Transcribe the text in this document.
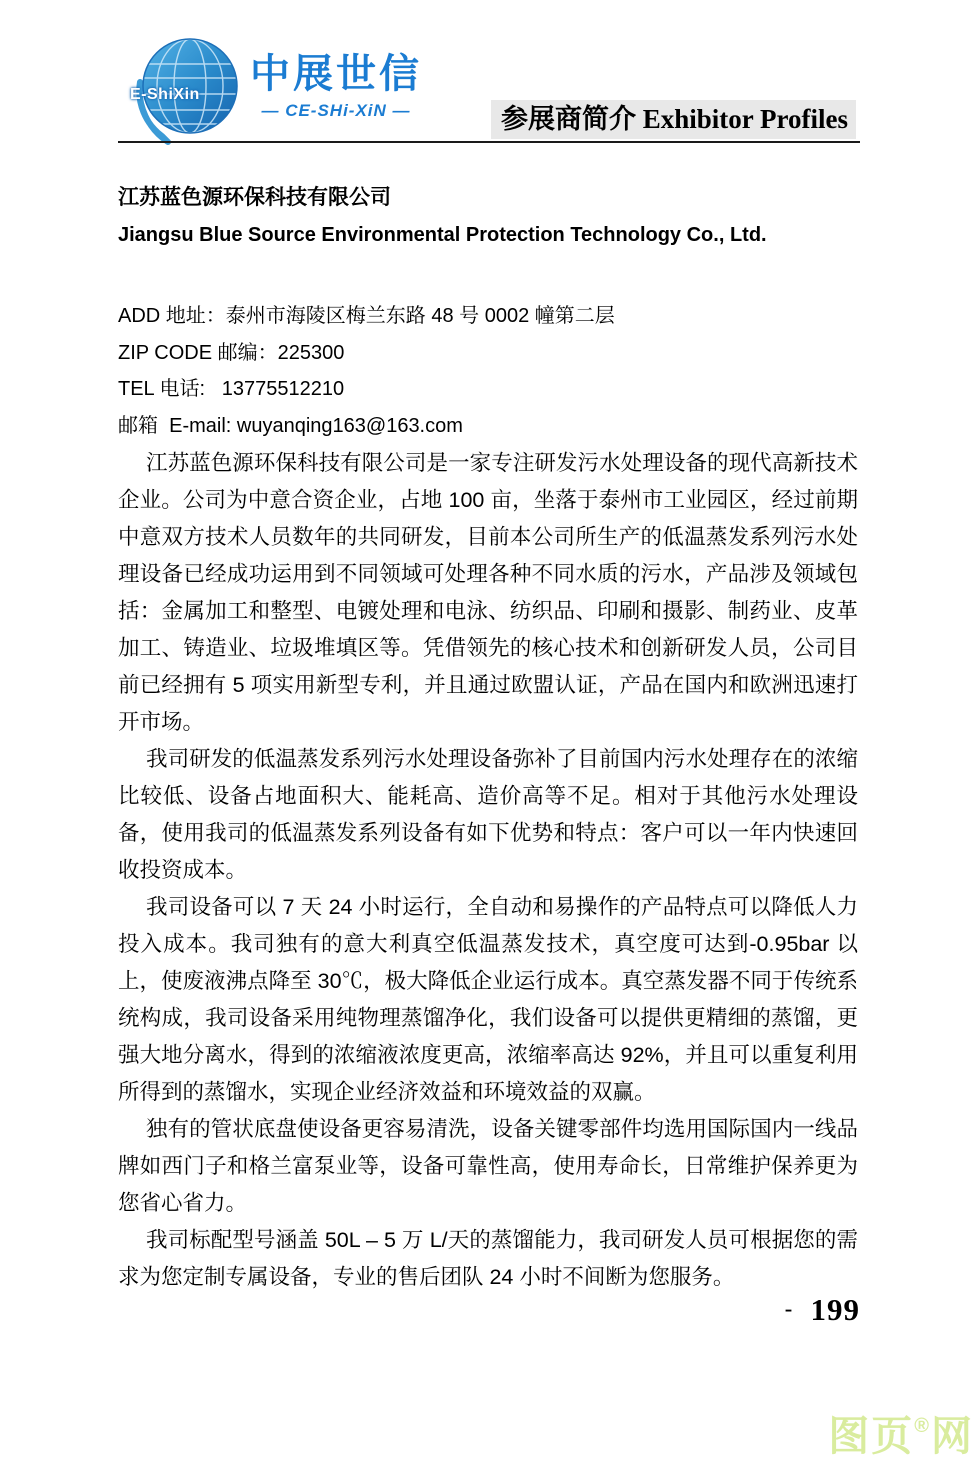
E-ShiXin 中展世信
— CE-SHi-XiN —	参展商简介 Exhibitor Profiles
江苏蓝色源环保科技有限公司
Jiangsu Blue Source Environmental Protection Technology Co., Ltd.
ADD 地址：泰州市海陵区梅兰东路 48 号 0002 幢第二层
ZIP CODE 邮编：225300
TEL 电话:   13775512210
邮箱  E-mail: wuyanqing163@163.com

江苏蓝色源环保科技有限公司是一家专注研发污水处理设备的现代高新技术企业。公司为中意合资企业，占地 100 亩，坐落于泰州市工业园区，经过前期中意双方技术人员数年的共同研发，目前本公司所生产的低温蒸发系列污水处理设备已经成功运用到不同领域可处理各种不同水质的污水，产品涉及领域包括：金属加工和整型、电镀处理和电泳、纺织品、印刷和摄影、制药业、皮革加工、铸造业、垃圾堆填区等。凭借领先的核心技术和创新研发人员，公司目前已经拥有 5 项实用新型专利，并且通过欧盟认证，产品在国内和欧洲迅速打开市场。

我司研发的低温蒸发系列污水处理设备弥补了目前国内污水处理存在的浓缩比较低、设备占地面积大、能耗高、造价高等不足。相对于其他污水处理设备，使用我司的低温蒸发系列设备有如下优势和特点：客户可以一年内快速回收投资成本。

我司设备可以 7 天 24 小时运行，全自动和易操作的产品特点可以降低人力投入成本。我司独有的意大利真空低温蒸发技术，真空度可达到-0.95bar 以上，使废液沸点降至 30℃，极大降低企业运行成本。真空蒸发器不同于传统系统构成，我司设备采用纯物理蒸馏净化，我们设备可以提供更精细的蒸馏，更强大地分离水，得到的浓缩液浓度更高，浓缩率高达 92%，并且可以重复利用所得到的蒸馏水，实现企业经济效益和环境效益的双赢。

独有的管状底盘使设备更容易清洗，设备关键零部件均选用国际国内一线品牌如西门子和格兰富泵业等，设备可靠性高，使用寿命长，日常维护保养更为您省心省力。

我司标配型号涵盖 50L – 5 万 L/天的蒸馏能力，我司研发人员可根据您的需求为您定制专属设备，专业的售后团队 24 小时不间断为您服务。

- 199
图页®网
